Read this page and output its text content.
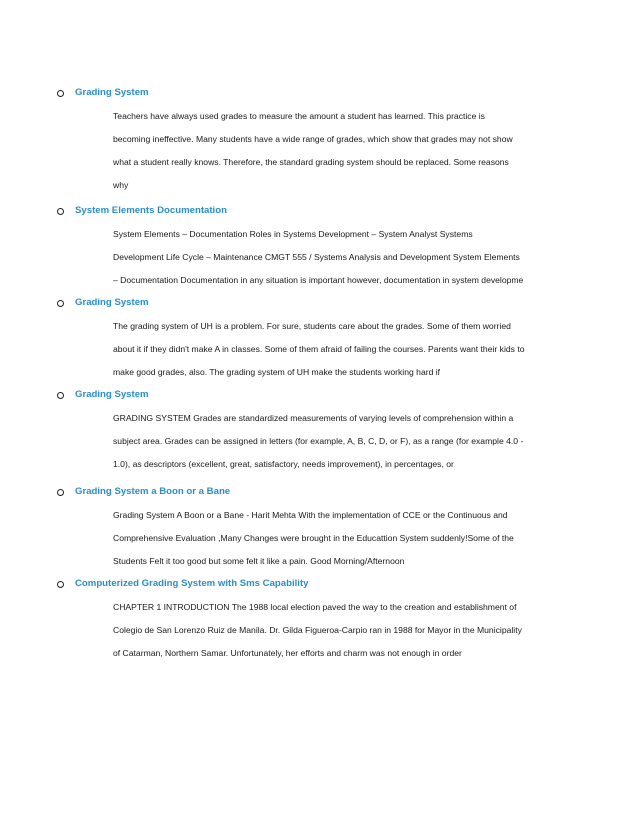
Grading System
Teachers have always used grades to measure the amount a student has learned. This practice is
becoming ineffective. Many students have a wide range of grades, which show that grades may not show
what a student really knows. Therefore, the standard grading system should be replaced. Some reasons
why
System Elements Documentation
System Elements – Documentation Roles in Systems Development – System Analyst Systems
Development Life Cycle – Maintenance CMGT 555 / Systems Analysis and Development System Elements
– Documentation Documentation in any situation is important however, documentation in system developme
Grading System
The grading system of UH is a problem. For sure, students care about the grades. Some of them worried
about it if they didn't make A in classes. Some of them afraid of failing the courses. Parents want their kids to
make good grades, also. The grading system of UH make the students working hard if
Grading System
GRADING SYSTEM Grades are standardized measurements of varying levels of comprehension within a
subject area. Grades can be assigned in letters (for example, A, B, C, D, or F), as a range (for example 4.0 -
1.0), as descriptors (excellent, great, satisfactory, needs improvement), in percentages, or
Grading System a Boon or a Bane
Grading System A Boon or a Bane - Harit Mehta With the implementation of CCE or the Continuous and
Comprehensive Evaluation ,Many Changes were brought in the Educattion System suddenly!Some of the
Students Felt it too good but some felt it like a pain. Good Morning/Afternoon
Computerized Grading System with Sms Capability
CHAPTER 1 INTRODUCTION The 1988 local election paved the way to the creation and establishment of
Colegio de San Lorenzo Ruiz de Manila. Dr. Gilda Figueroa-Carpio ran in 1988 for Mayor in the Municipality
of Catarman, Northern Samar. Unfortunately, her efforts and charm was not enough in order
